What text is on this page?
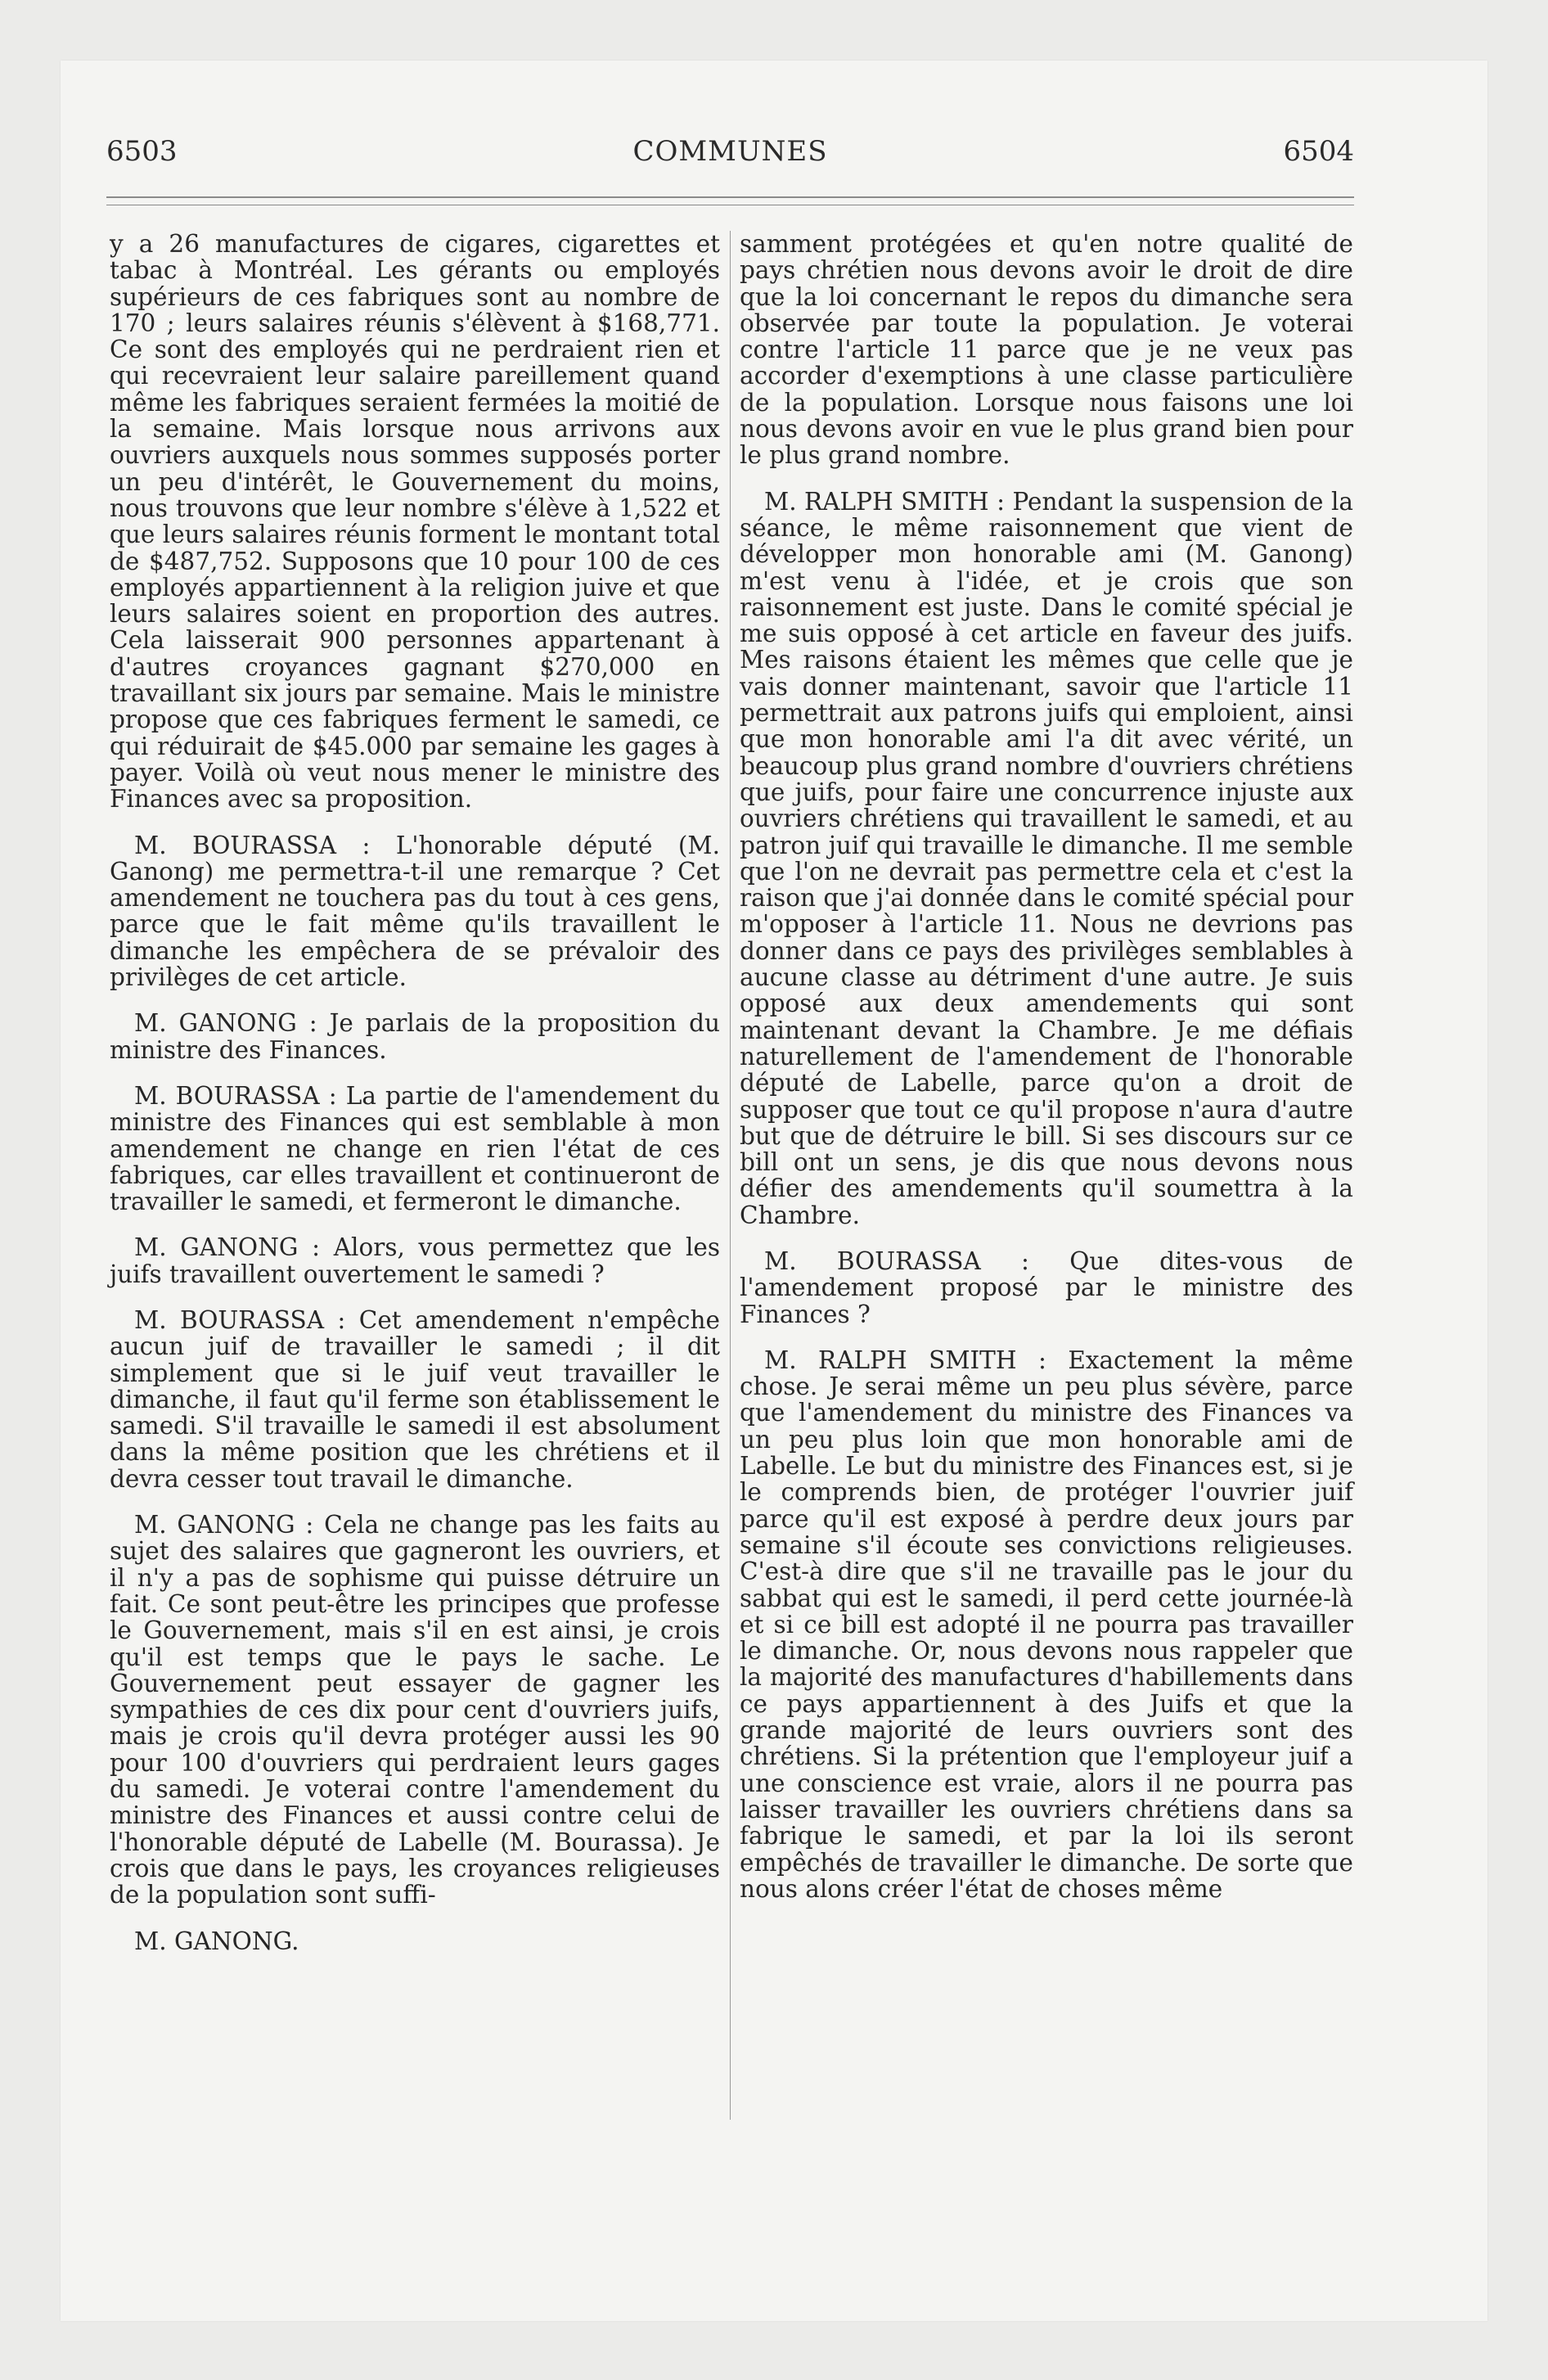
6503	COMMUNES	6504

y a 26 manufactures de cigares, cigarettes et tabac à Montréal. Les gérants ou employés supérieurs de ces fabriques sont au nombre de 170 ; leurs salaires réunis s'élèvent à $168,771. Ce sont des employés qui ne perdraient rien et qui recevraient leur salaire pareillement quand même les fabriques seraient fermées la moitié de la semaine. Mais lorsque nous arrivons aux ouvriers auxquels nous sommes supposés porter un peu d'intérêt, le Gouvernement du moins, nous trouvons que leur nombre s'élève à 1,522 et que leurs salaires réunis forment le montant total de $487,752. Supposons que 10 pour 100 de ces employés appartiennent à la religion juive et que leurs salaires soient en proportion des autres. Cela laisserait 900 personnes appartenant à d'autres croyances gagnant $270,000 en travaillant six jours par semaine. Mais le ministre propose que ces fabriques ferment le samedi, ce qui réduirait de $45.000 par semaine les gages à payer. Voilà où veut nous mener le ministre des Finances avec sa proposition.

M. BOURASSA : L'honorable député (M. Ganong) me permettra-t-il une remarque ? Cet amendement ne touchera pas du tout à ces gens, parce que le fait même qu'ils travaillent le dimanche les empêchera de se prévaloir des privilèges de cet article.

M. GANONG : Je parlais de la proposition du ministre des Finances.

M. BOURASSA : La partie de l'amendement du ministre des Finances qui est semblable à mon amendement ne change en rien l'état de ces fabriques, car elles travaillent et continueront de travailler le samedi, et fermeront le dimanche.

M. GANONG : Alors, vous permettez que les juifs travaillent ouvertement le samedi ?

M. BOURASSA : Cet amendement n'empêche aucun juif de travailler le samedi ; il dit simplement que si le juif veut travailler le dimanche, il faut qu'il ferme son établissement le samedi. S'il travaille le samedi il est absolument dans la même position que les chrétiens et il devra cesser tout travail le dimanche.

M. GANONG : Cela ne change pas les faits au sujet des salaires que gagneront les ouvriers, et il n'y a pas de sophisme qui puisse détruire un fait. Ce sont peut-être les principes que professe le Gouvernement, mais s'il en est ainsi, je crois qu'il est temps que le pays le sache. Le Gouvernement peut essayer de gagner les sympathies de ces dix pour cent d'ouvriers juifs, mais je crois qu'il devra protéger aussi les 90 pour 100 d'ouvriers qui perdraient leurs gages du samedi. Je voterai contre l'amendement du ministre des Finances et aussi contre celui de l'honorable député de Labelle (M. Bourassa). Je crois que dans le pays, les croyances religieuses de la population sont suffi-

M. GANONG.

samment protégées et qu'en notre qualité de pays chrétien nous devons avoir le droit de dire que la loi concernant le repos du dimanche sera observée par toute la population. Je voterai contre l'article 11 parce que je ne veux pas accorder d'exemptions à une classe particulière de la population. Lorsque nous faisons une loi nous devons avoir en vue le plus grand bien pour le plus grand nombre.

M. RALPH SMITH : Pendant la suspension de la séance, le même raisonnement que vient de développer mon honorable ami (M. Ganong) m'est venu à l'idée, et je crois que son raisonnement est juste. Dans le comité spécial je me suis opposé à cet article en faveur des juifs. Mes raisons étaient les mêmes que celle que je vais donner maintenant, savoir que l'article 11 permettrait aux patrons juifs qui emploient, ainsi que mon honorable ami l'a dit avec vérité, un beaucoup plus grand nombre d'ouvriers chrétiens que juifs, pour faire une concurrence injuste aux ouvriers chrétiens qui travaillent le samedi, et au patron juif qui travaille le dimanche. Il me semble que l'on ne devrait pas permettre cela et c'est la raison que j'ai donnée dans le comité spécial pour m'opposer à l'article 11. Nous ne devrions pas donner dans ce pays des privilèges semblables à aucune classe au détriment d'une autre. Je suis opposé aux deux amendements qui sont maintenant devant la Chambre. Je me défiais naturellement de l'amendement de l'honorable député de Labelle, parce qu'on a droit de supposer que tout ce qu'il propose n'aura d'autre but que de détruire le bill. Si ses discours sur ce bill ont un sens, je dis que nous devons nous défier des amendements qu'il soumettra à la Chambre.

M. BOURASSA : Que dites-vous de l'amendement proposé par le ministre des Finances ?

M. RALPH SMITH : Exactement la même chose. Je serai même un peu plus sévère, parce que l'amendement du ministre des Finances va un peu plus loin que mon honorable ami de Labelle. Le but du ministre des Finances est, si je le comprends bien, de protéger l'ouvrier juif parce qu'il est exposé à perdre deux jours par semaine s'il écoute ses convictions religieuses. C'est-à dire que s'il ne travaille pas le jour du sabbat qui est le samedi, il perd cette journée-là et si ce bill est adopté il ne pourra pas travailler le dimanche. Or, nous devons nous rappeler que la majorité des manufactures d'habillements dans ce pays appartiennent à des Juifs et que la grande majorité de leurs ouvriers sont des chrétiens. Si la prétention que l'employeur juif a une conscience est vraie, alors il ne pourra pas laisser travailler les ouvriers chrétiens dans sa fabrique le samedi, et par la loi ils seront empêchés de travailler le dimanche. De sorte que nous alons créer l'état de choses même
